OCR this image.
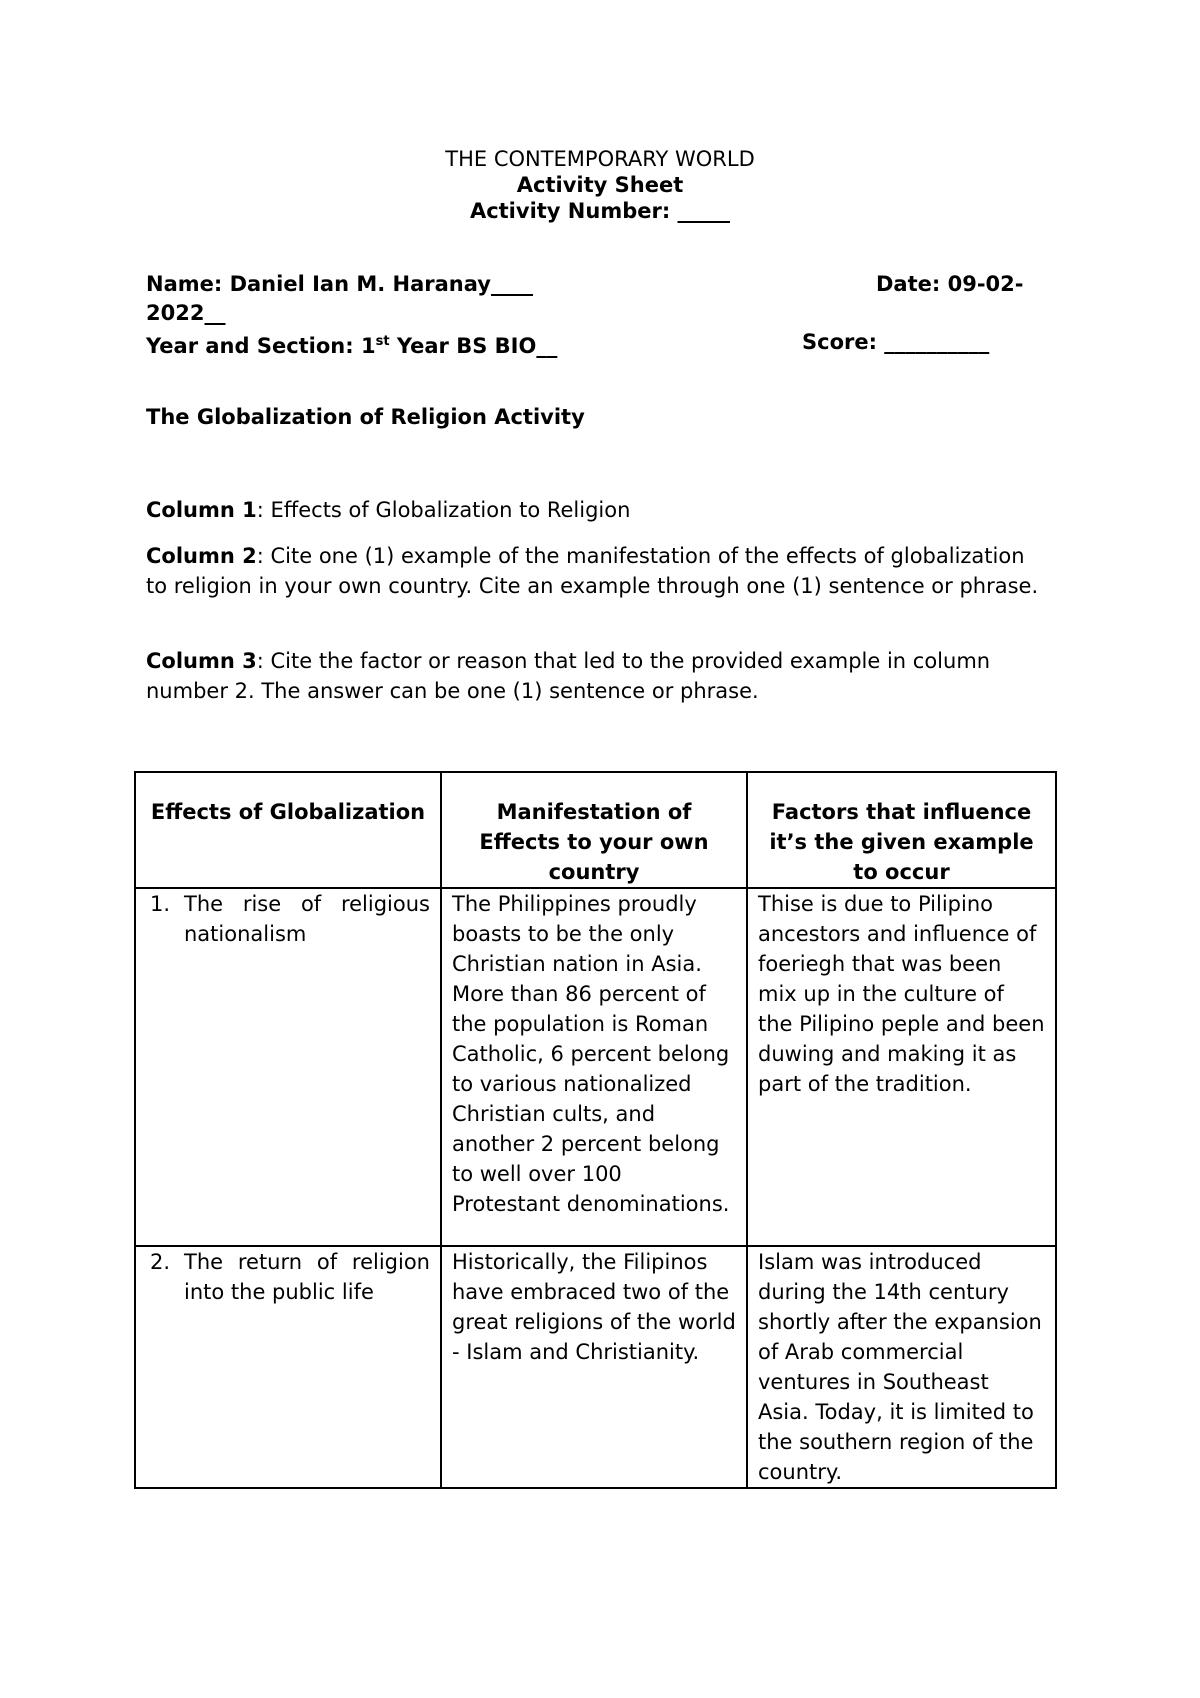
THE CONTEMPORARY WORLD
Activity Sheet
Activity Number: _____
Name: Daniel Ian M. Haranay____	Date: 09-02-
2022__
Year and Section: 1st Year BS BIO__	Score: __________
The Globalization of Religion Activity
Column 1: Effects of Globalization to Religion
Column 2: Cite one (1) example of the manifestation of the effects of globalization to religion in your own country. Cite an example through one (1) sentence or phrase.
Column 3: Cite the factor or reason that led to the provided example in column number 2. The answer can be one (1) sentence or phrase.
Effects of Globalization	Manifestation of Effects to your own country	Factors that influence it’s the given example to occur
1. The rise of religious nationalism	The Philippines proudly boasts to be the only Christian nation in Asia. More than 86 percent of the population is Roman Catholic, 6 percent belong to various nationalized Christian cults, and another 2 percent belong to well over 100 Protestant denominations.	Thise is due to Pilipino ancestors and influence of foeriegh that was been mix up in the culture of the Pilipino peple and been duwing and making it as part of the tradition.
2. The return of religion into the public life	Historically, the Filipinos have embraced two of the great religions of the world - Islam and Christianity.	Islam was introduced during the 14th century shortly after the expansion of Arab commercial ventures in Southeast Asia. Today, it is limited to the southern region of the country.
